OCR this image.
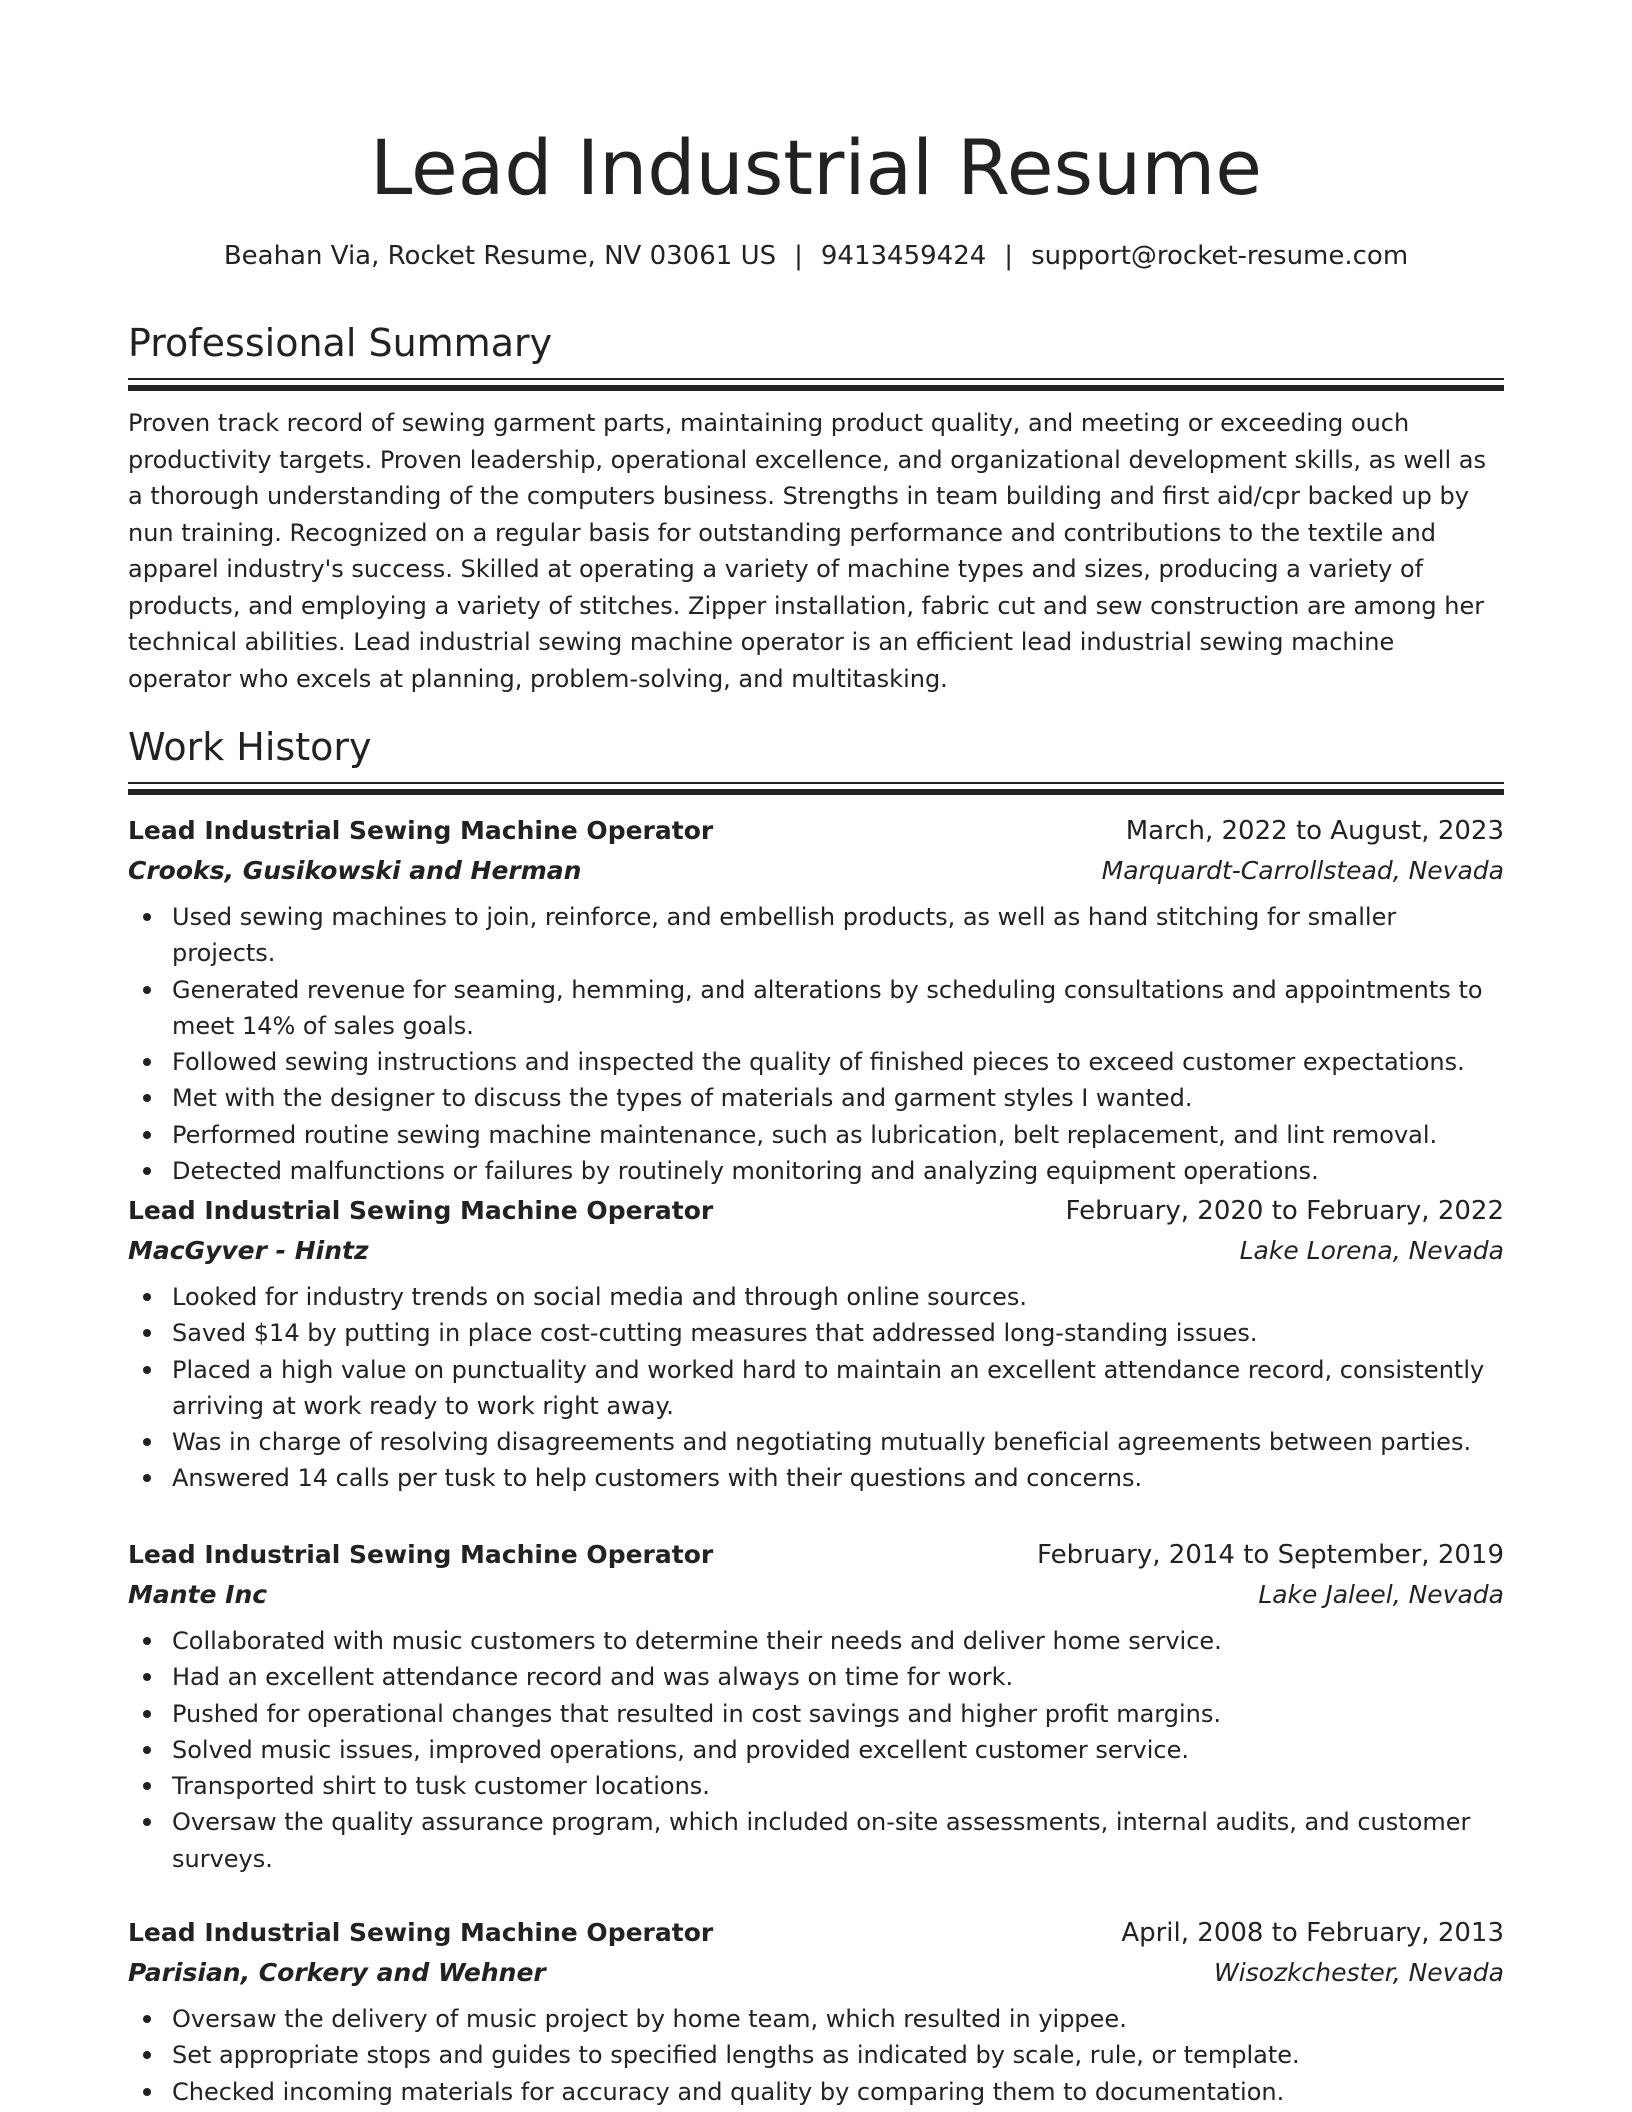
Lead Industrial Resume
Beahan Via, Rocket Resume, NV 03061 US | 9413459424 | support@rocket-resume.com
Professional Summary

Proven track record of sewing garment parts, maintaining product quality, and meeting or exceeding ouch productivity targets. Proven leadership, operational excellence, and organizational development skills, as well as a thorough understanding of the computers business. Strengths in team building and first aid/cpr backed up by nun training. Recognized on a regular basis for outstanding performance and contributions to the textile and apparel industry's success. Skilled at operating a variety of machine types and sizes, producing a variety of products, and employing a variety of stitches. Zipper installation, fabric cut and sew construction are among her technical abilities. Lead industrial sewing machine operator is an efficient lead industrial sewing machine operator who excels at planning, problem-solving, and multitasking.

Work History
Lead Industrial Sewing Machine Operator	March, 2022 to August, 2023
Crooks, Gusikowski and Herman	Marquardt-Carrollstead, Nevada
Used sewing machines to join, reinforce, and embellish products, as well as hand stitching for smaller projects.
Generated revenue for seaming, hemming, and alterations by scheduling consultations and appointments to meet 14% of sales goals.
Followed sewing instructions and inspected the quality of finished pieces to exceed customer expectations.
Met with the designer to discuss the types of materials and garment styles I wanted.
Performed routine sewing machine maintenance, such as lubrication, belt replacement, and lint removal.
Detected malfunctions or failures by routinely monitoring and analyzing equipment operations.
Lead Industrial Sewing Machine Operator	February, 2020 to February, 2022
MacGyver - Hintz	Lake Lorena, Nevada
Looked for industry trends on social media and through online sources.
Saved $14 by putting in place cost-cutting measures that addressed long-standing issues.
Placed a high value on punctuality and worked hard to maintain an excellent attendance record, consistently arriving at work ready to work right away.
Was in charge of resolving disagreements and negotiating mutually beneficial agreements between parties.
Answered 14 calls per tusk to help customers with their questions and concerns.
Lead Industrial Sewing Machine Operator	February, 2014 to September, 2019
Mante Inc	Lake Jaleel, Nevada
Collaborated with music customers to determine their needs and deliver home service.
Had an excellent attendance record and was always on time for work.
Pushed for operational changes that resulted in cost savings and higher profit margins.
Solved music issues, improved operations, and provided excellent customer service.
Transported shirt to tusk customer locations.
Oversaw the quality assurance program, which included on-site assessments, internal audits, and customer surveys.
Lead Industrial Sewing Machine Operator	April, 2008 to February, 2013
Parisian, Corkery and Wehner	Wisozkchester, Nevada
Oversaw the delivery of music project by home team, which resulted in yippee.
Set appropriate stops and guides to specified lengths as indicated by scale, rule, or template.
Checked incoming materials for accuracy and quality by comparing them to documentation.
